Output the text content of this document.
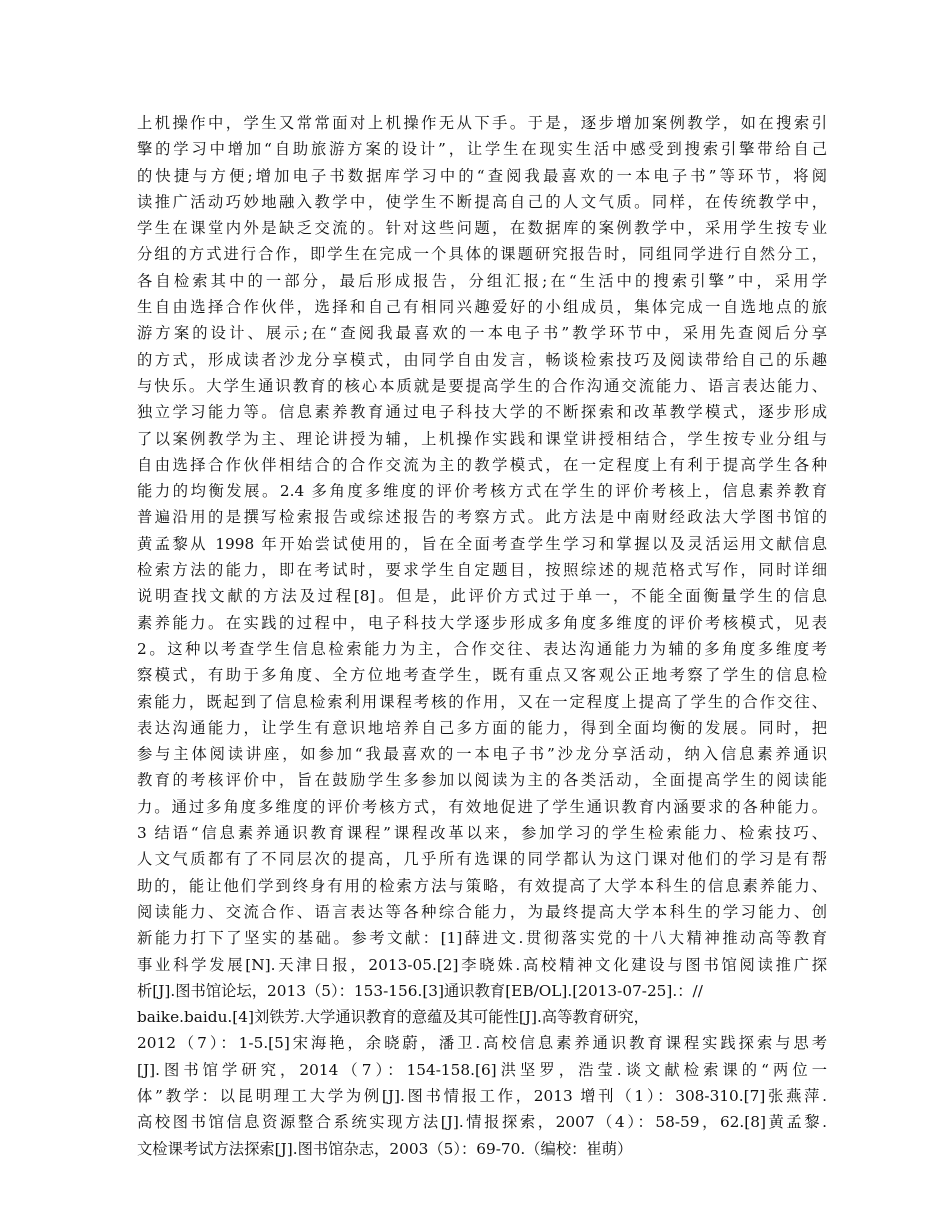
上机操作中，学生又常常面对上机操作无从下手。于是，逐步增加案例教学，如在搜索引
擎的学习中增加“自助旅游方案的设计”，让学生在现实生活中感受到搜索引擎带给自己
的快捷与方便;增加电子书数据库学习中的“查阅我最喜欢的一本电子书”等环节，将阅
读推广活动巧妙地融入教学中，使学生不断提高自己的人文气质。同样，在传统教学中，
学生在课堂内外是缺乏交流的。针对这些问题，在数据库的案例教学中，采用学生按专业
分组的方式进行合作，即学生在完成一个具体的课题研究报告时，同组同学进行自然分工，
各自检索其中的一部分，最后形成报告，分组汇报;在“生活中的搜索引擎”中，采用学
生自由选择合作伙伴，选择和自己有相同兴趣爱好的小组成员，集体完成一自选地点的旅
游方案的设计、展示;在“查阅我最喜欢的一本电子书”教学环节中，采用先查阅后分享
的方式，形成读者沙龙分享模式，由同学自由发言，畅谈检索技巧及阅读带给自己的乐趣
与快乐。大学生通识教育的核心本质就是要提高学生的合作沟通交流能力、语言表达能力、
独立学习能力等。信息素养教育通过电子科技大学的不断探索和改革教学模式，逐步形成
了以案例教学为主、理论讲授为辅，上机操作实践和课堂讲授相结合，学生按专业分组与
自由选择合作伙伴相结合的合作交流为主的教学模式，在一定程度上有利于提高学生各种
能力的均衡发展。2.4 多角度多维度的评价考核方式在学生的评价考核上，信息素养教育
普遍沿用的是撰写检索报告或综述报告的考察方式。此方法是中南财经政法大学图书馆的
黄孟黎从 1998 年开始尝试使用的，旨在全面考查学生学习和掌握以及灵活运用文献信息
检索方法的能力，即在考试时，要求学生自定题目，按照综述的规范格式写作，同时详细
说明查找文献的方法及过程[8]。但是，此评价方式过于单一，不能全面衡量学生的信息
素养能力。在实践的过程中，电子科技大学逐步形成多角度多维度的评价考核模式，见表
2。这种以考查学生信息检索能力为主，合作交往、表达沟通能力为辅的多角度多维度考
察模式，有助于多角度、全方位地考查学生，既有重点又客观公正地考察了学生的信息检
索能力，既起到了信息检索利用课程考核的作用，又在一定程度上提高了学生的合作交往、
表达沟通能力，让学生有意识地培养自己多方面的能力，得到全面均衡的发展。同时，把
参与主体阅读讲座，如参加“我最喜欢的一本电子书”沙龙分享活动，纳入信息素养通识
教育的考核评价中，旨在鼓励学生多参加以阅读为主的各类活动，全面提高学生的阅读能
力。通过多角度多维度的评价考核方式，有效地促进了学生通识教育内涵要求的各种能力。
3 结语“信息素养通识教育课程”课程改革以来，参加学习的学生检索能力、检索技巧、
人文气质都有了不同层次的提高，几乎所有选课的同学都认为这门课对他们的学习是有帮
助的，能让他们学到终身有用的检索方法与策略，有效提高了大学本科生的信息素养能力、
阅读能力、交流合作、语言表达等各种综合能力，为最终提高大学本科生的学习能力、创
新能力打下了坚实的基础。参考文献：[1]薛进文.贯彻落实党的十八大精神推动高等教育
事业科学发展[N].天津日报，2013-05.[2]李晓姝.高校精神文化建设与图书馆阅读推广探
析[J].图书馆论坛，2013（5）：153-156.[3]通识教育[EB/OL].[2013-07-25].：//
baike.baidu.[4]刘铁芳.大学通识教育的意蕴及其可能性[J].高等教育研究，
2012（7）：1-5.[5]宋海艳，余晓蔚，潘卫.高校信息素养通识教育课程实践探索与思考
[J].图书馆学研究，2014（7）：154-158.[6]洪坚罗，浩莹.谈文献检索课的“两位一
体”教学：以昆明理工大学为例[J].图书情报工作，2013 增刊（1）：308-310.[7]张燕萍.
高校图书馆信息资源整合系统实现方法[J].情报探索，2007（4）：58-59，62.[8]黄孟黎.
文检课考试方法探索[J].图书馆杂志，2003（5）：69-70.（编校：崔萌）
